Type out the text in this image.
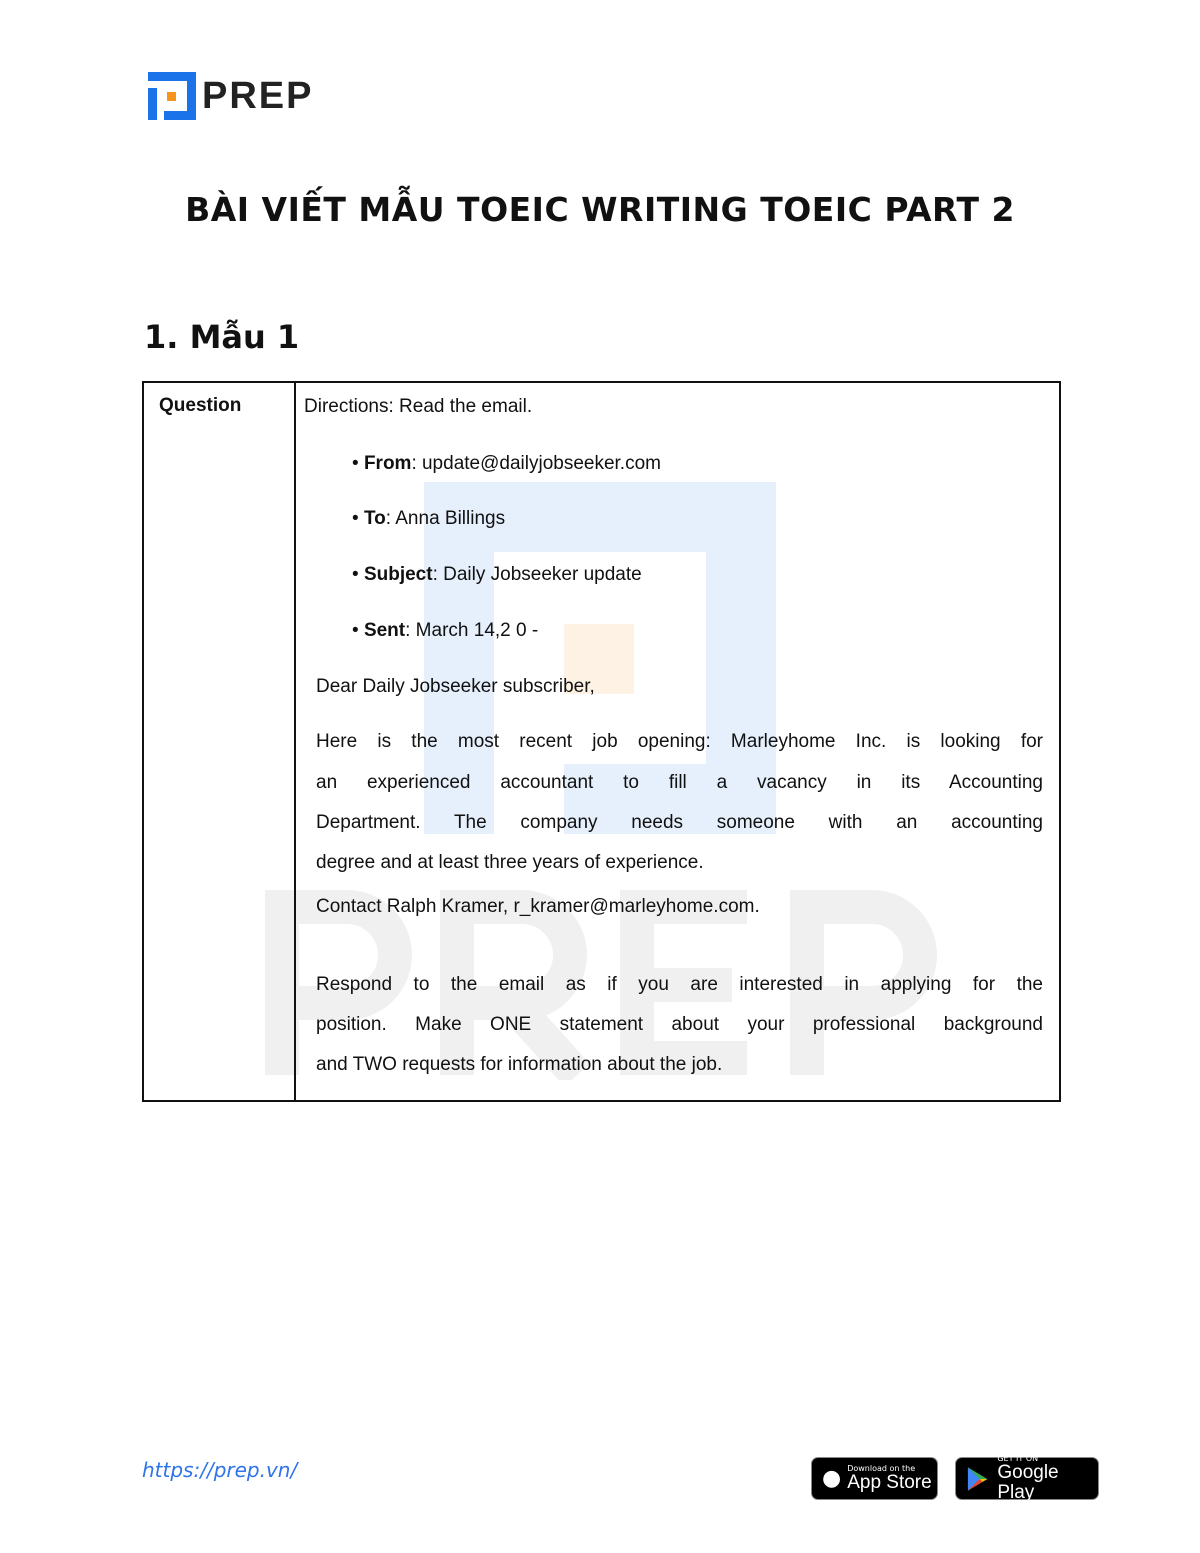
PREP
BÀI VIẾT MẪU TOEIC WRITING TOEIC PART 2
1. Mẫu 1
Question	Directions: Read the email.
• From: update@dailyjobseeker.com
• To: Anna Billings
• Subject: Daily Jobseeker update
• Sent: March 14,2 0 -
Dear Daily Jobseeker subscriber,
Here is the most recent job opening: Marleyhome Inc. is looking for
an experienced accountant to fill a vacancy in its Accounting
Department. The company needs someone with an accounting
degree and at least three years of experience.
Contact Ralph Kramer, r_kramer@marleyhome.com.
Respond to the email as if you are interested in applying for the
position. Make ONE statement about your professional background
and TWO requests for information about the job.
https://prep.vn/	● Download on the
App Store
GET IT ON
Google Play
